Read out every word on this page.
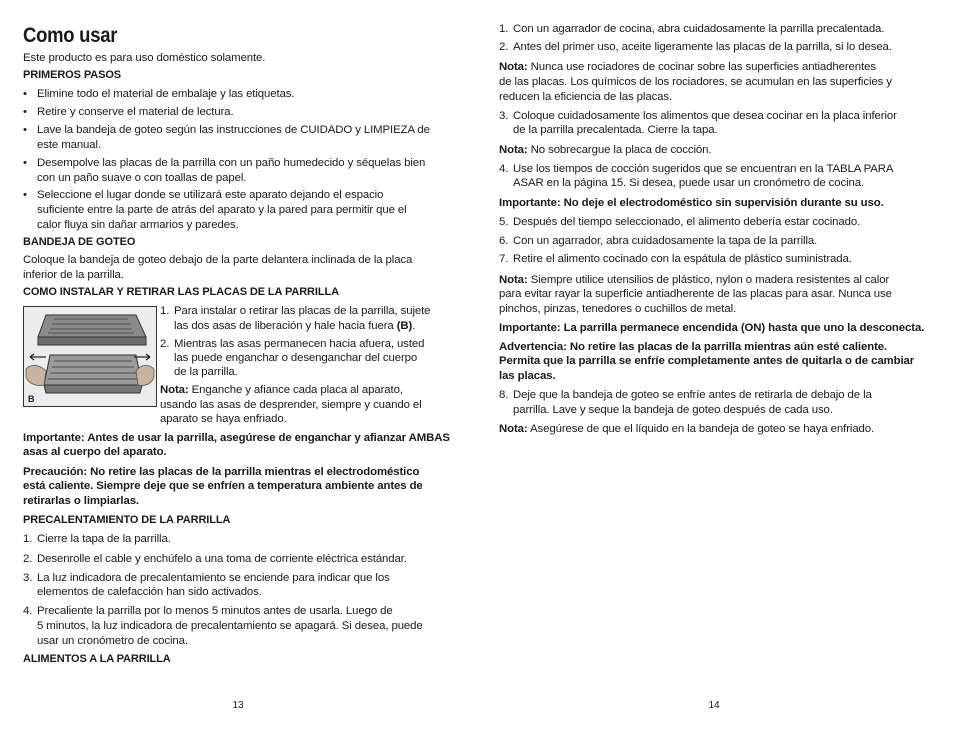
Como usar

Este producto es para uso doméstico solamente.

PRIMEROS PASOS

• Elimine todo el material de embalaje y las etiquetas.
• Retire y conserve el material de lectura.
• Lave la bandeja de goteo según las instrucciones de CUIDADO y LIMPIEZA de

este manual.

• Desempolve las placas de la parrilla con un paño humedecido y séquelas bien

con un paño suave o con toallas de papel.

• Seleccione el lugar donde se utilizará este aparato dejando el espacio

suficiente entre la parte de atrás del aparato y la pared para permitir que el

calor fluya sin dañar armarios y paredes.

BANDEJA DE GOTEO

Coloque la bandeja de goteo debajo de la parte delantera inclinada de la placa

inferior de la parrilla.

COMO INSTALAR Y RETIRAR LAS PLACAS DE LA PARRILLA

B
1. Para instalar o retirar las placas de la parrilla, sujete

las dos asas de liberación y hale hacia fuera (B).

2. Mientras las asas permanecen hacia afuera, usted

las puede enganchar o desenganchar del cuerpo

de la parrilla.

Nota: Enganche y afiance cada placa al aparato,

usando las asas de desprender, siempre y cuando el

aparato se haya enfriado.

Importante: Antes de usar la parrilla, asegúrese de enganchar y afianzar AMBAS

asas al cuerpo del aparato.

Precaución: No retire las placas de la parrilla mientras el electrodoméstico

está caliente. Siempre deje que se enfríen a temperatura ambiente antes de

retirarlas o limpiarlas.

PRECALENTAMIENTO DE LA PARRILLA

1. Cierre la tapa de la parrilla.
2. Desenrolle el cable y enchúfelo a una toma de corriente eléctrica estándar.
3. La luz indicadora de precalentamiento se enciende para indicar que los

elementos de calefacción han sido activados.

4. Precaliente la parrilla por lo menos 5 minutos antes de usarla. Luego de

5 minutos, la luz indicadora de precalentamiento se apagará. Si desea, puede

usar un cronómetro de cocina.

ALIMENTOS A LA PARRILLA

13
1. Con un agarrador de cocina, abra cuidadosamente la parrilla precalentada.
2. Antes del primer uso, aceite ligeramente las placas de la parrilla, si lo desea.

Nota: Nunca use rociadores de cocinar sobre las superficies antiadherentes

de las placas. Los químicos de los rociadores, se acumulan en las superficies y

reducen la eficiencia de las placas.

3. Coloque cuidadosamente los alimentos que desea cocinar en la placa inferior

de la parrilla precalentada. Cierre la tapa.

Nota: No sobrecargue la placa de cocción.

4. Use los tiempos de cocción sugeridos que se encuentran en la TABLA PARA

ASAR en la página 15. Si desea, puede usar un cronómetro de cocina.

Importante: No deje el electrodoméstico sin supervisión durante su uso.

5. Después del tiempo seleccionado, el alimento debería estar cocinado.
6. Con un agarrador, abra cuidadosamente la tapa de la parrilla.
7. Retire el alimento cocinado con la espátula de plástico suministrada.

Nota: Siempre utilice utensilios de plástico, nylon o madera resistentes al calor

para evitar rayar la superficie antiadherente de las placas para asar. Nunca use

pinchos, pinzas, tenedores o cuchillos de metal.

Importante: La parrilla permanece encendida (ON) hasta que uno la desconecta.

Advertencia: No retire las placas de la parrilla mientras aún esté caliente.

Permita que la parrilla se enfríe completamente antes de quitarla o de cambiar

las placas.

8. Deje que la bandeja de goteo se enfríe antes de retirarla de debajo de la

parrilla. Lave y seque la bandeja de goteo después de cada uso.

Nota: Asegúrese de que el líquido en la bandeja de goteo se haya enfriado.

14
